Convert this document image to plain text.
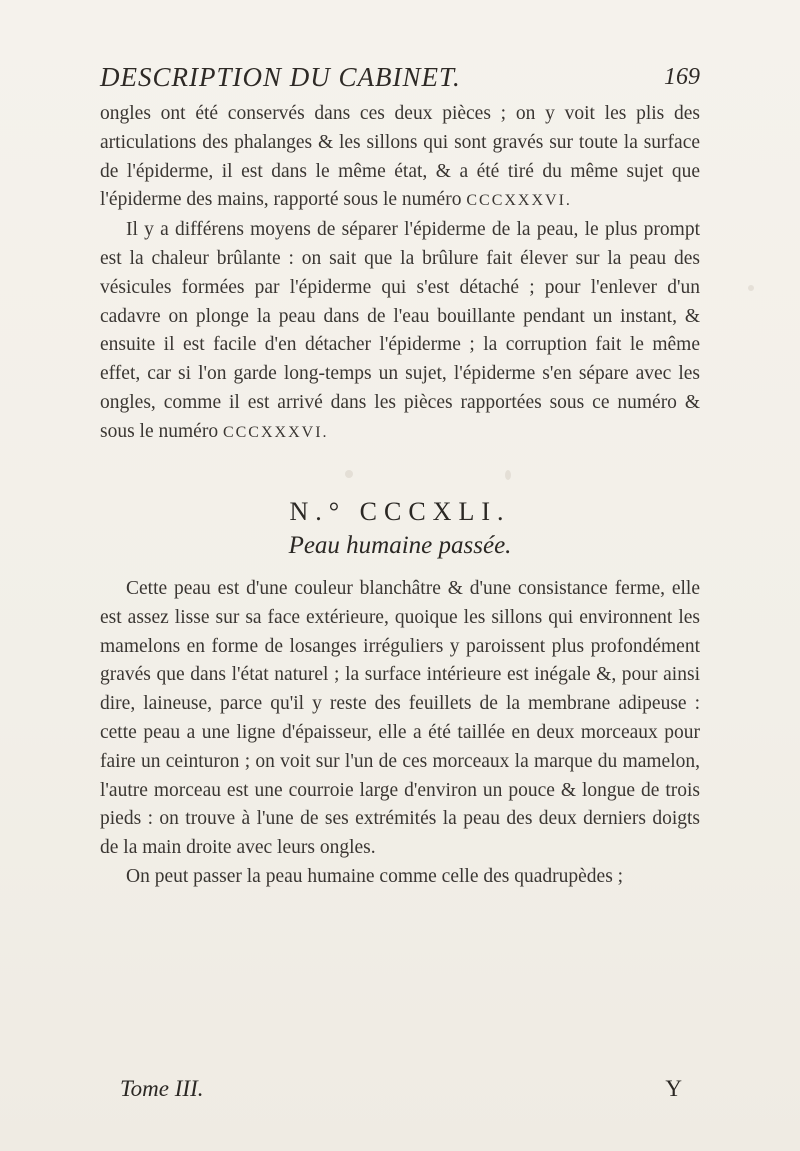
DESCRIPTION DU CABINET.	169

ongles ont été conservés dans ces deux pièces ; on y voit les plis des articulations des phalanges & les sillons qui sont gravés sur toute la surface de l'épiderme, il est dans le même état, & a été tiré du même sujet que l'épiderme des mains, rapporté sous le numéro CCCXXXVI.

Il y a différens moyens de séparer l'épiderme de la peau, le plus prompt est la chaleur brûlante : on sait que la brûlure fait élever sur la peau des vésicules formées par l'épiderme qui s'est détaché ; pour l'enlever d'un cadavre on plonge la peau dans de l'eau bouillante pendant un instant, & ensuite il est facile d'en détacher l'épiderme ; la corruption fait le même effet, car si l'on garde long-temps un sujet, l'épiderme s'en sépare avec les ongles, comme il est arrivé dans les pièces rapportées sous ce numéro & sous le numéro CCCXXXVI.

N.° CCCXLI.
Peau humaine passée.

Cette peau est d'une couleur blanchâtre & d'une consistance ferme, elle est assez lisse sur sa face extérieure, quoique les sillons qui environnent les mamelons en forme de losanges irréguliers y paroissent plus profondément gravés que dans l'état naturel ; la surface intérieure est inégale &, pour ainsi dire, laineuse, parce qu'il y reste des feuillets de la membrane adipeuse : cette peau a une ligne d'épaisseur, elle a été taillée en deux morceaux pour faire un ceinturon ; on voit sur l'un de ces morceaux la marque du mamelon, l'autre morceau est une courroie large d'environ un pouce & longue de trois pieds : on trouve à l'une de ses extrémités la peau des deux derniers doigts de la main droite avec leurs ongles.

On peut passer la peau humaine comme celle des quadrupèdes ;

Tome III.	Y
